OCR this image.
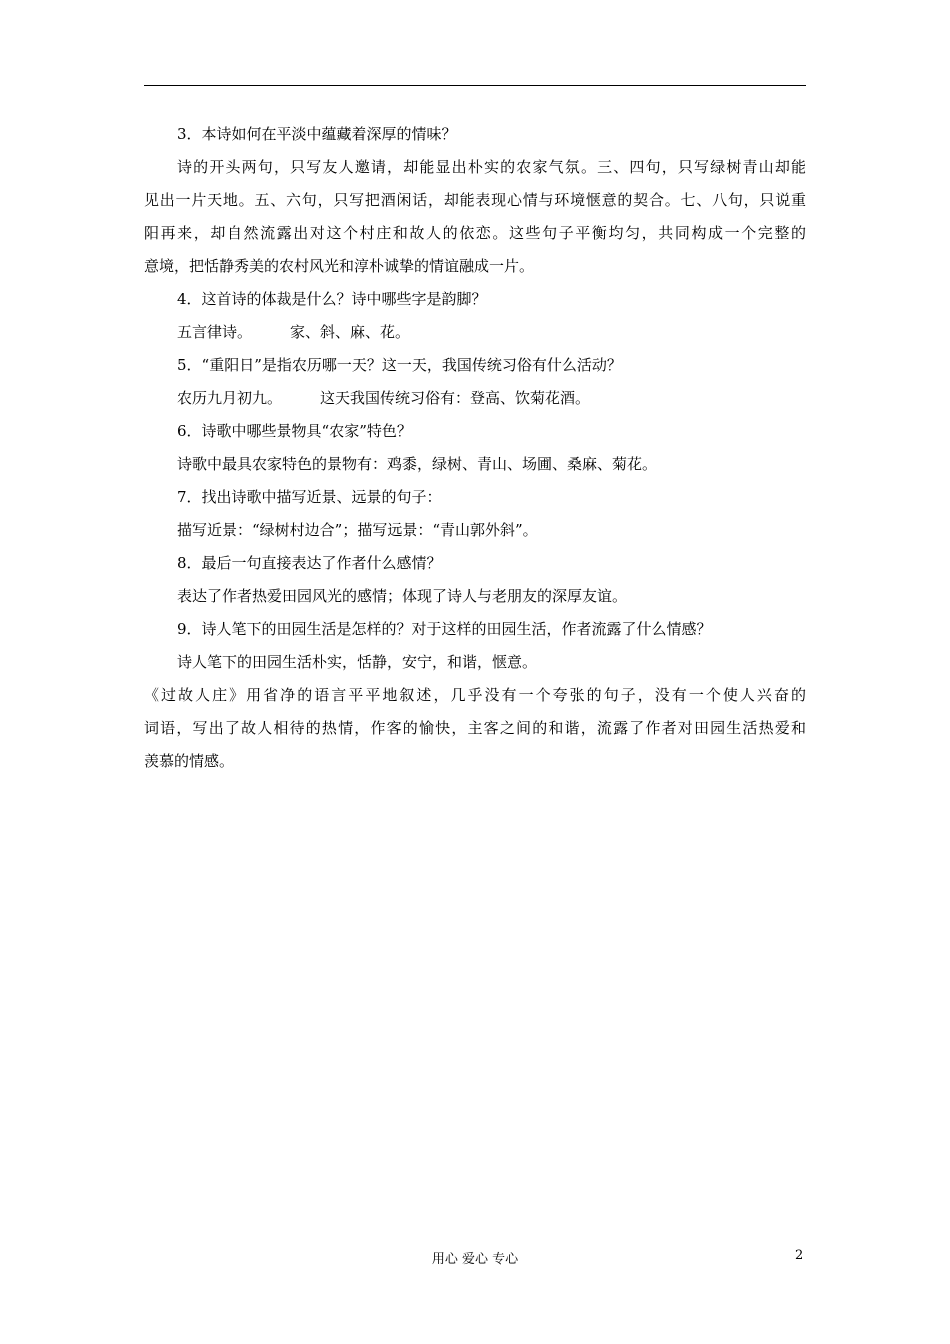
3．本诗如何在平淡中蕴藏着深厚的情味？
诗的开头两句，只写友人邀请，却能显出朴实的农家气氛。三、四句，只写绿树青山却能
见出一片天地。五、六句，只写把酒闲话，却能表现心情与环境惬意的契合。七、八句，只说重
阳再来，却自然流露出对这个村庄和故人的依恋。这些句子平衡均匀，共同构成一个完整的
意境，把恬静秀美的农村风光和淳朴诚挚的情谊融成一片。
4．这首诗的体裁是什么？诗中哪些字是韵脚？
五言律诗。	家、斜、麻、花。
5．“重阳日”是指农历哪一天？这一天，我国传统习俗有什么活动？
农历九月初九。	这天我国传统习俗有：登高、饮菊花酒。
6．诗歌中哪些景物具“农家”特色？
诗歌中最具农家特色的景物有：鸡黍，绿树、青山、场圃、桑麻、菊花。
7．找出诗歌中描写近景、远景的句子：
描写近景：“绿树村边合”；描写远景：“青山郭外斜”。
8．最后一句直接表达了作者什么感情？
表达了作者热爱田园风光的感情；体现了诗人与老朋友的深厚友谊。
9．诗人笔下的田园生活是怎样的？对于这样的田园生活，作者流露了什么情感？
诗人笔下的田园生活朴实，恬静，安宁，和谐，惬意。
《过故人庄》用省净的语言平平地叙述，几乎没有一个夸张的句子，没有一个使人兴奋的
词语，写出了故人相待的热情，作客的愉快，主客之间的和谐，流露了作者对田园生活热爱和
羡慕的情感。
用心 爱心 专心	2
